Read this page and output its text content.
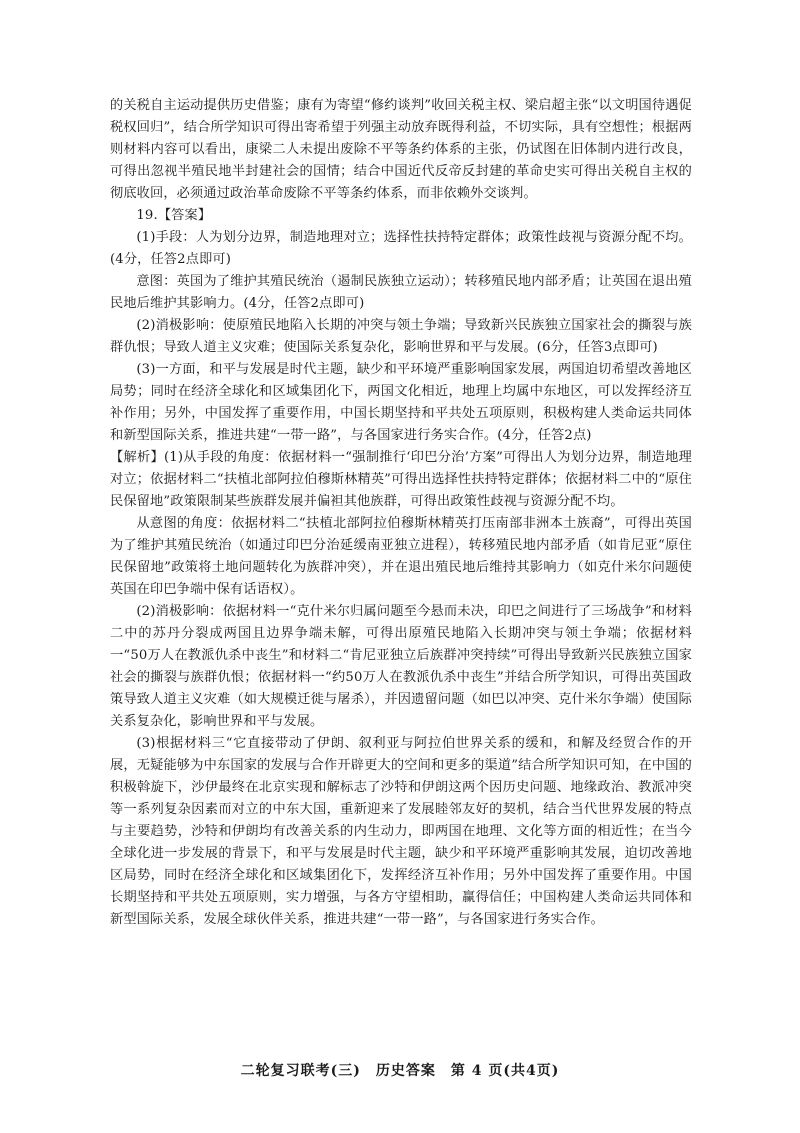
的关税自主运动提供历史借鉴；康有为寄望“修约谈判”收回关税主权、梁启超主张“以文明国待遇促税权回归”，结合所学知识可得出寄希望于列强主动放弃既得利益，不切实际，具有空想性；根据两则材料内容可以看出，康梁二人未提出废除不平等条约体系的主张，仍试图在旧体制内进行改良，可得出忽视半殖民地半封建社会的国情；结合中国近代反帝反封建的革命史实可得出关税自主权的彻底收回，必须通过政治革命废除不平等条约体系，而非依赖外交谈判。

19.【答案】

(1)手段：人为划分边界，制造地理对立；选择性扶持特定群体；政策性歧视与资源分配不均。(4分，任答2点即可)

意图：英国为了维护其殖民统治（遏制民族独立运动）；转移殖民地内部矛盾；让英国在退出殖民地后维护其影响力。(4分，任答2点即可)

(2)消极影响：使原殖民地陷入长期的冲突与领土争端；导致新兴民族独立国家社会的撕裂与族群仇恨；导致人道主义灾难；使国际关系复杂化，影响世界和平与发展。(6分，任答3点即可)

(3)一方面，和平与发展是时代主题，缺少和平环境严重影响国家发展，两国迫切希望改善地区局势；同时在经济全球化和区域集团化下，两国文化相近，地理上均属中东地区，可以发挥经济互补作用；另外，中国发挥了重要作用，中国长期坚持和平共处五项原则，积极构建人类命运共同体和新型国际关系，推进共建“一带一路”，与各国家进行务实合作。(4分，任答2点)

【解析】(1)从手段的角度：依据材料一“强制推行‘印巴分治’方案”可得出人为划分边界，制造地理对立；依据材料二“扶植北部阿拉伯穆斯林精英”可得出选择性扶持特定群体；依据材料二中的“原住民保留地”政策限制某些族群发展并偏袒其他族群，可得出政策性歧视与资源分配不均。

从意图的角度：依据材料二“扶植北部阿拉伯穆斯林精英打压南部非洲本土族裔”，可得出英国为了维护其殖民统治（如通过印巴分治延缓南亚独立进程），转移殖民地内部矛盾（如肯尼亚“原住民保留地”政策将土地问题转化为族群冲突），并在退出殖民地后维持其影响力（如克什米尔问题使英国在印巴争端中保有话语权）。

(2)消极影响：依据材料一“克什米尔归属问题至今悬而未决，印巴之间进行了三场战争”和材料二中的苏丹分裂成两国且边界争端未解，可得出原殖民地陷入长期冲突与领土争端；依据材料一“50万人在教派仇杀中丧生”和材料二“肯尼亚独立后族群冲突持续”可得出导致新兴民族独立国家社会的撕裂与族群仇恨；依据材料一“约50万人在教派仇杀中丧生”并结合所学知识，可得出英国政策导致人道主义灾难（如大规模迁徙与屠杀），并因遗留问题（如巴以冲突、克什米尔争端）使国际关系复杂化，影响世界和平与发展。

(3)根据材料三“它直接带动了伊朗、叙利亚与阿拉伯世界关系的缓和，和解及经贸合作的开展，无疑能够为中东国家的发展与合作开辟更大的空间和更多的渠道”结合所学知识可知，在中国的积极斡旋下，沙伊最终在北京实现和解标志了沙特和伊朗这两个因历史问题、地缘政治、教派冲突等一系列复杂因素而对立的中东大国，重新迎来了发展睦邻友好的契机，结合当代世界发展的特点与主要趋势，沙特和伊朗均有改善关系的内生动力，即两国在地理、文化等方面的相近性；在当今全球化进一步发展的背景下，和平与发展是时代主题，缺少和平环境严重影响其发展，迫切改善地区局势，同时在经济全球化和区域集团化下，发挥经济互补作用；另外中国发挥了重要作用。中国长期坚持和平共处五项原则，实力增强，与各方守望相助，赢得信任；中国构建人类命运共同体和新型国际关系，发展全球伙伴关系，推进共建“一带一路”，与各国家进行务实合作。

二轮复习联考(三)　历史答案　第 4 页(共4页)
